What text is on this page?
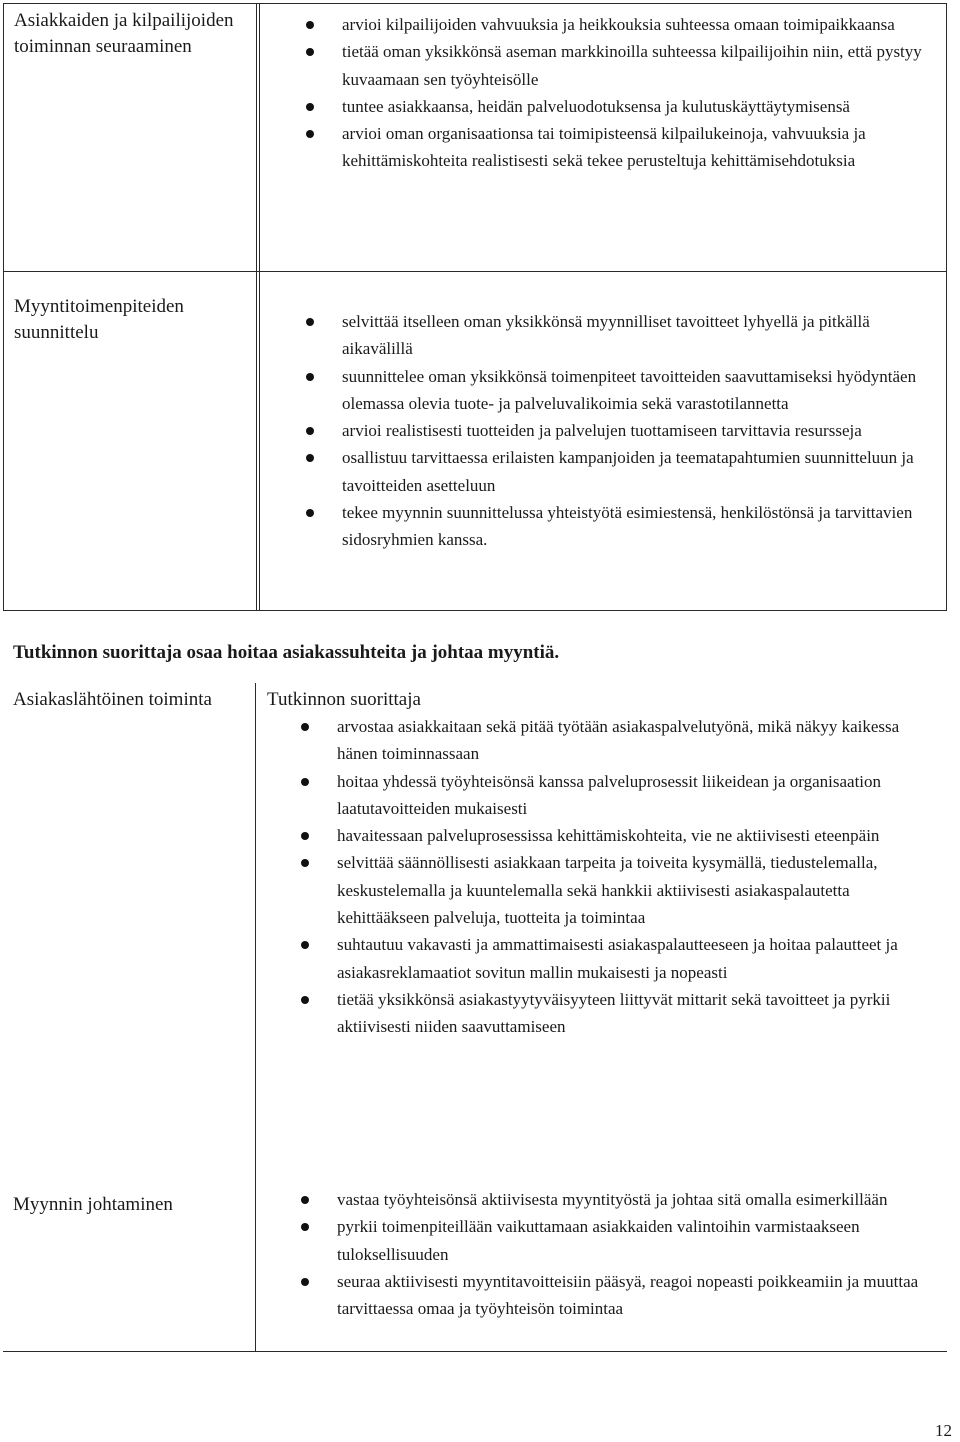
Asiakkaiden ja kilpailijoiden toiminnan seuraaminen
arvioi kilpailijoiden vahvuuksia ja heikkouksia suhteessa omaan toimipaikkaansa
tietää oman yksikkönsä aseman markkinoilla suhteessa kilpailijoihin niin, että pystyy kuvaamaan sen työyhteisölle
tuntee asiakkaansa, heidän palveluodotuksensa ja kulutuskäyttäytymisensä
arvioi oman organisaationsa tai toimipisteensä kilpailukeinoja, vahvuuksia ja kehittämiskohteita realistisesti sekä tekee perusteltuja kehittämisehdotuksia
Myyntitoimenpiteiden suunnittelu
selvittää itselleen oman yksikkönsä myynnilliset tavoitteet lyhyellä ja pitkällä aikavälillä
suunnittelee oman yksikkönsä toimenpiteet tavoitteiden saavuttamiseksi hyödyntäen olemassa olevia tuote- ja palveluvalikoimia sekä varastotilannetta
arvioi realistisesti tuotteiden ja palvelujen tuottamiseen tarvittavia resursseja
osallistuu tarvittaessa erilaisten kampanjoiden ja teematapahtumien suunnitteluun ja tavoitteiden asetteluun
tekee myynnin suunnittelussa yhteistyötä esimiestensä, henkilöstönsä ja tarvittavien sidosryhmien kanssa.
Tutkinnon suorittaja osaa hoitaa asiakassuhteita ja johtaa myyntiä.
Asiakaslähtöinen toiminta	Tutkinnon suorittaja
arvostaa asiakkaitaan sekä pitää työtään asiakaspalvelutyönä, mikä näkyy kaikessa hänen toiminnassaan
hoitaa yhdessä työyhteisönsä kanssa palveluprosessit liikeidean ja organisaation laatutavoitteiden mukaisesti
havaitessaan palveluprosessissa kehittämiskohteita, vie ne aktiivisesti eteenpäin
selvittää säännöllisesti asiakkaan tarpeita ja toiveita kysymällä, tiedustelemalla, keskustelemalla ja kuuntelemalla sekä hankkii aktiivisesti asiakaspalautetta kehittääkseen palveluja, tuotteita ja toimintaa
suhtautuu vakavasti ja ammattimaisesti asiakaspalautteeseen ja hoitaa palautteet ja asiakasreklamaatiot sovitun mallin mukaisesti ja nopeasti
tietää yksikkönsä asiakastyytyväisyyteen liittyvät mittarit sekä tavoitteet ja pyrkii aktiivisesti niiden saavuttamiseen
Myynnin johtaminen	vastaa työyhteisönsä aktiivisesta myyntityöstä ja johtaa sitä omalla esimerkillään
pyrkii toimenpiteillään vaikuttamaan asiakkaiden valintoihin varmistaakseen tuloksellisuuden
seuraa aktiivisesti myyntitavoitteisiin pääsyä, reagoi nopeasti poikkeamiin ja muuttaa tarvittaessa omaa ja työyhteisön toimintaa
12
